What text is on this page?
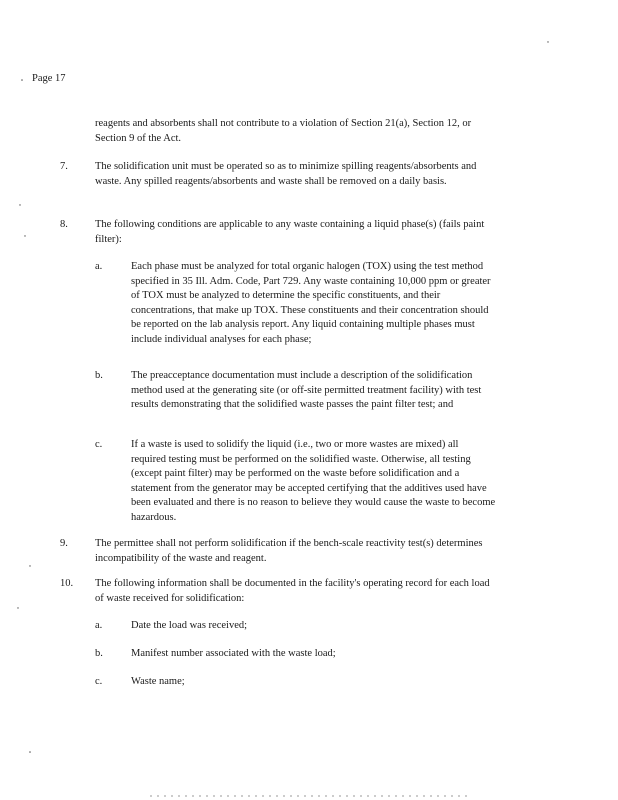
Page 17
reagents and absorbents shall not contribute to a violation of Section 21(a), Section 12, or Section 9 of the Act.
7.	The solidification unit must be operated so as to minimize spilling reagents/absorbents and waste. Any spilled reagents/absorbents and waste shall be removed on a daily basis.
8.	The following conditions are applicable to any waste containing a liquid phase(s) (fails paint filter):
a.	Each phase must be analyzed for total organic halogen (TOX) using the test method specified in 35 Ill. Adm. Code, Part 729. Any waste containing 10,000 ppm or greater of TOX must be analyzed to determine the specific constituents, and their concentrations, that make up TOX. These constituents and their concentration should be reported on the lab analysis report. Any liquid containing multiple phases must include individual analyses for each phase;
b.	The preacceptance documentation must include a description of the solidification method used at the generating site (or off-site permitted treatment facility) with test results demonstrating that the solidified waste passes the paint filter test; and
c.	If a waste is used to solidify the liquid (i.e., two or more wastes are mixed) all required testing must be performed on the solidified waste. Otherwise, all testing (except paint filter) may be performed on the waste before solidification and a statement from the generator may be accepted certifying that the additives used have been evaluated and there is no reason to believe they would cause the waste to become hazardous.
9.	The permittee shall not perform solidification if the bench-scale reactivity test(s) determines incompatibility of the waste and reagent.
10. The following information shall be documented in the facility's operating record for each load of waste received for solidification:
a.	Date the load was received;
b.	Manifest number associated with the waste load;
c.	Waste name;
